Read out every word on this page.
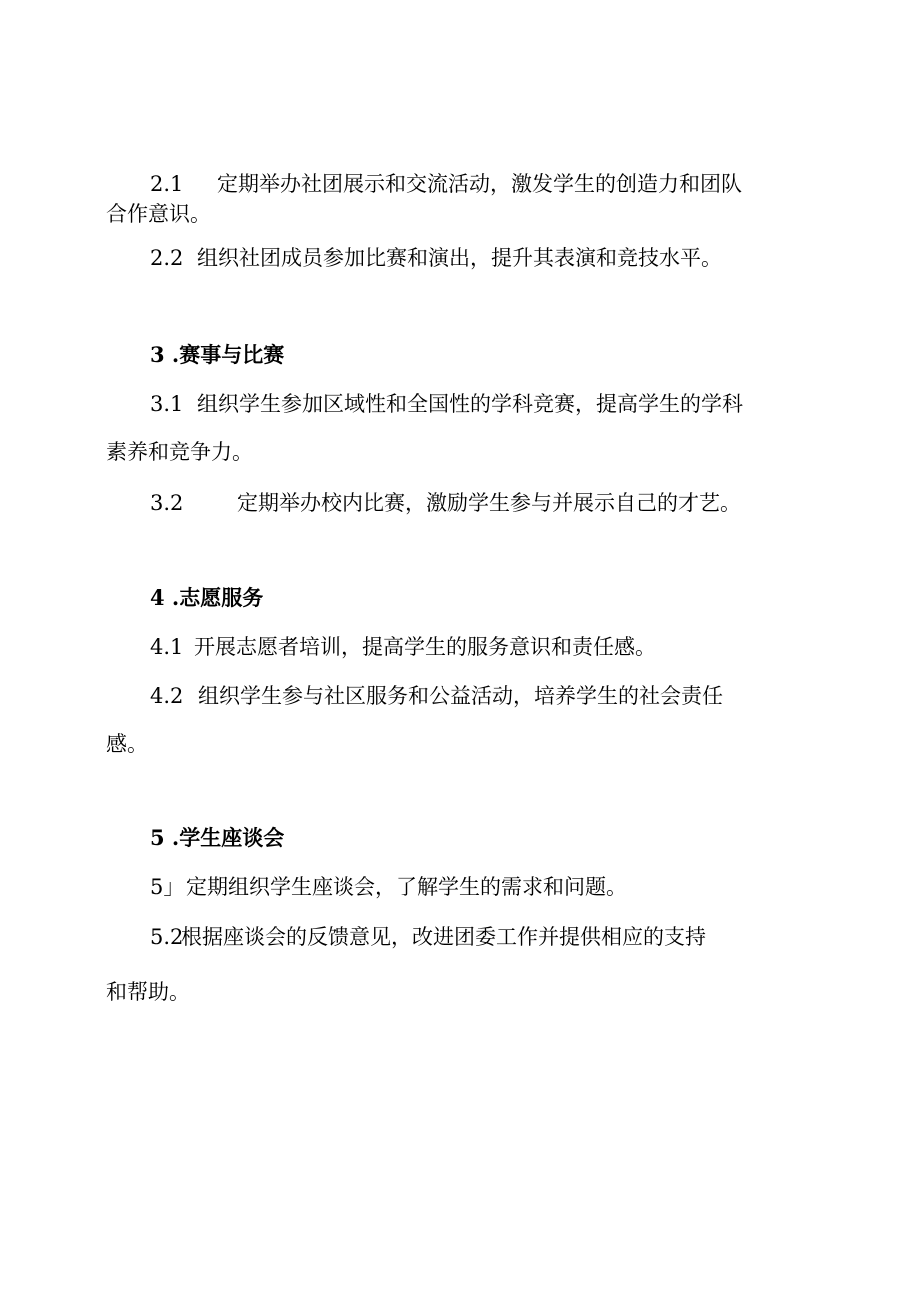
2.1 定期举办社团展示和交流活动，激发学生的创造力和团队
合作意识。
2.2 组织社团成员参加比赛和演出，提升其表演和竞技水平。
3 .赛事与比赛
3.1 组织学生参加区域性和全国性的学科竞赛，提高学生的学科
素养和竞争力。
3.2	定期举办校内比赛，激励学生参与并展示自己的才艺。
4 .志愿服务
4.1 开展志愿者培训，提高学生的服务意识和责任感。
4.2 组织学生参与社区服务和公益活动，培养学生的社会责任
感。
5 .学生座谈会
5」定期组织学生座谈会，了解学生的需求和问题。
5.2根据座谈会的反馈意见，改进团委工作并提供相应的支持
和帮助。
